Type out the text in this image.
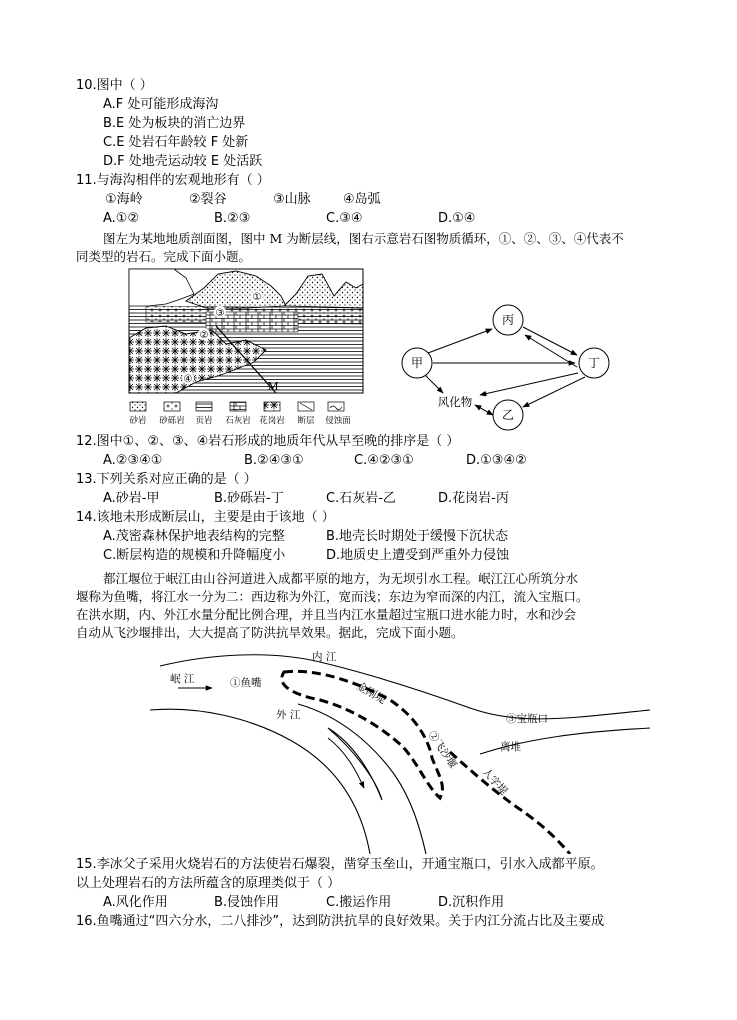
10.图中（ ）
A.F 处可能形成海沟
B.E 处为板块的消亡边界
C.E 处岩石年龄较 F 处新
D.F 处地壳运动较 E 处活跃
11.与海沟相伴的宏观地形有（ ）
①海岭	②裂谷	③山脉 ④岛弧
A.①②	B.②③	C.③④	D.①④
图左为某地地质剖面图，图中 M 为断层线，图右示意岩石图物质循环，①、②、③、④代表不
同类型的岩石。完成下面小题。
①
②
③
④
M
砂岩 砂砾岩 页岩 石灰岩 花岗岩 断层 侵蚀面
丙
甲	丁
乙
风化物
12.图中①、②、③、④岩石形成的地质年代从早至晚的排序是（ ）
A.②③④①	B.②④③①	C.④②③①	D.①③④②
13.下列关系对应正确的是（ ）
A.砂岩-甲	B.砂砾岩-丁	C.石灰岩-乙	D.花岗岩-丙
14.该地未形成断层山，主要是由于该地（ ）
A.茂密森林保护地表结构的完整	B.地壳长时期处于缓慢下沉状态
C.断层构造的规模和升降幅度小	D.地质史上遭受到严重外力侵蚀
都江堰位于岷江由山谷河道进入成都平原的地方，为无坝引水工程。岷江江心所筑分水
堰称为鱼嘴，将江水一分为二：西边称为外江，宽而浅；东边为窄而深的内江，流入宝瓶口。
在洪水期，内、外江水量分配比例合理，并且当内江水量超过宝瓶口进水能力时，水和沙会
自动从飞沙堰排出，大大提高了防洪抗旱效果。据此，完成下面小题。
岷 江
内 江
外 江
①鱼嘴	金刚堤
②飞沙堰
③宝瓶口
离堆
人字堤
15.李冰父子采用火烧岩石的方法使岩石爆裂，凿穿玉垒山，开通宝瓶口，引水入成都平原。
以上处理岩石的方法所蕴含的原理类似于（ ）
A.风化作用	B.侵蚀作用	C.搬运作用	D.沉积作用
16.鱼嘴通过“四六分水，二八排沙”，达到防洪抗旱的良好效果。关于内江分流占比及主要成
